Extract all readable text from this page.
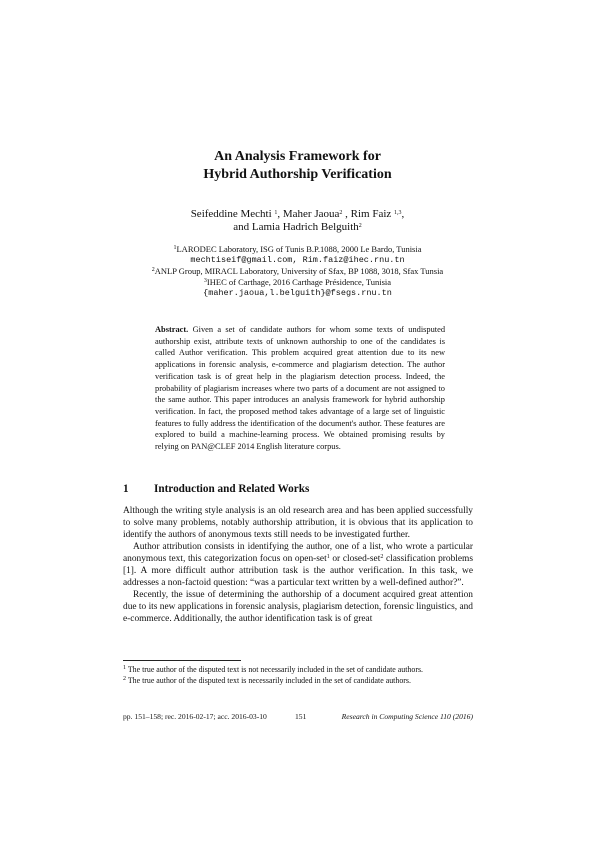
An Analysis Framework for
Hybrid Authorship Verification
Seifeddine Mechti $^1$, Maher Jaoua$^2$ , Rim Faiz $^{1,3}$,
and Lamia Hadrich Belguith$^2$
$^1$LARODEC Laboratory, ISG of Tunis B.P.1088, 2000 Le Bardo, Tunisia
mechtiseif@gmail.com, Rim.faiz@ihec.rnu.tn
$^2$ANLP Group, MIRACL Laboratory, University of Sfax, BP 1088, 3018, Sfax Tunsia
$^3$IHEC of Carthage, 2016 Carthage Présidence, Tunisia
{maher.jaoua,l.belguith}@fsegs.rnu.tn
Abstract. Given a set of candidate authors for whom some texts of undisputed authorship exist, attribute texts of unknown authorship to one of the candidates is called Author verification. This problem acquired great attention due to its new applications in forensic analysis, e-commerce and plagiarism detection. The author verification task is of great help in the plagiarism detection process. Indeed, the probability of plagiarism increases where two parts of a document are not assigned to the same author. This paper introduces an analysis framework for hybrid authorship verification. In fact, the proposed method takes advantage of a large set of linguistic features to fully address the identification of the document's author. These features are explored to build a machine-learning process. We obtained promising results by relying on PAN@CLEF 2014 English literature corpus.
1 Introduction and Related Works

Although the writing style analysis is an old research area and has been applied successfully to solve many problems, notably authorship attribution, it is obvious that its application to identify the authors of anonymous texts still needs to be investigated further.

Author attribution consists in identifying the author, one of a list, who wrote a particular anonymous text, this categorization focus on open-set$^1$ or closed-set$^2$ classification problems [1]. A more difficult author attribution task is the author verification. In this task, we addresses a non-factoid question: “was a particular text written by a well-defined author?”.

Recently, the issue of determining the authorship of a document acquired great attention due to its new applications in forensic analysis, plagiarism detection, forensic linguistics, and e-commerce. Additionally, the author identification task is of great

$^1$ The true author of the disputed text is not necessarily included in the set of candidate authors.
$^2$ The true author of the disputed text is necessarily included in the set of candidate authors.
pp. 151–158; rec. 2016-02-17; acc. 2016-03-10	151	Research in Computing Science 110 (2016)
